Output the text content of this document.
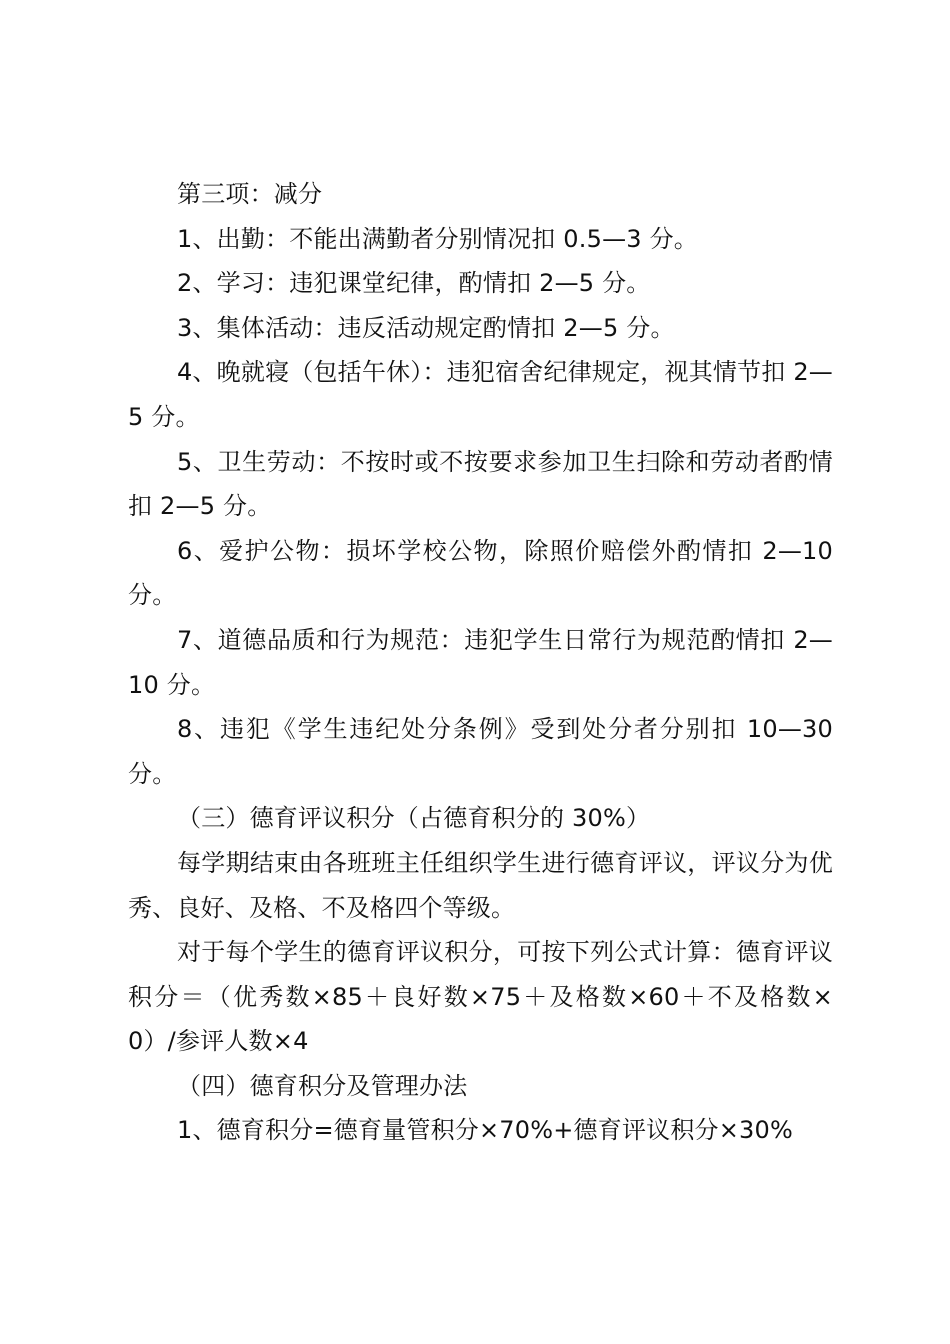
第三项：减分

1、出勤：不能出满勤者分别情况扣 0.5—3 分。

2、学习：违犯课堂纪律，酌情扣 2—5 分。

3、集体活动：违反活动规定酌情扣 2—5 分。

4、晚就寝（包括午休）：违犯宿舍纪律规定，视其情节扣 2—5 分。

5、卫生劳动：不按时或不按要求参加卫生扫除和劳动者酌情扣 2—5 分。

6、爱护公物：损坏学校公物，除照价赔偿外酌情扣 2—10 分。

7、道德品质和行为规范：违犯学生日常行为规范酌情扣 2—10 分。

8、违犯《学生违纪处分条例》受到处分者分别扣 10—30 分。

（三）德育评议积分（占德育积分的 30%）

每学期结束由各班班主任组织学生进行德育评议，评议分为优秀、良好、及格、不及格四个等级。

对于每个学生的德育评议积分，可按下列公式计算：德育评议积分＝（优秀数×85＋良好数×75＋及格数×60＋不及格数×0）/参评人数×4

（四）德育积分及管理办法

1、德育积分=德育量管积分×70%+德育评议积分×30%
